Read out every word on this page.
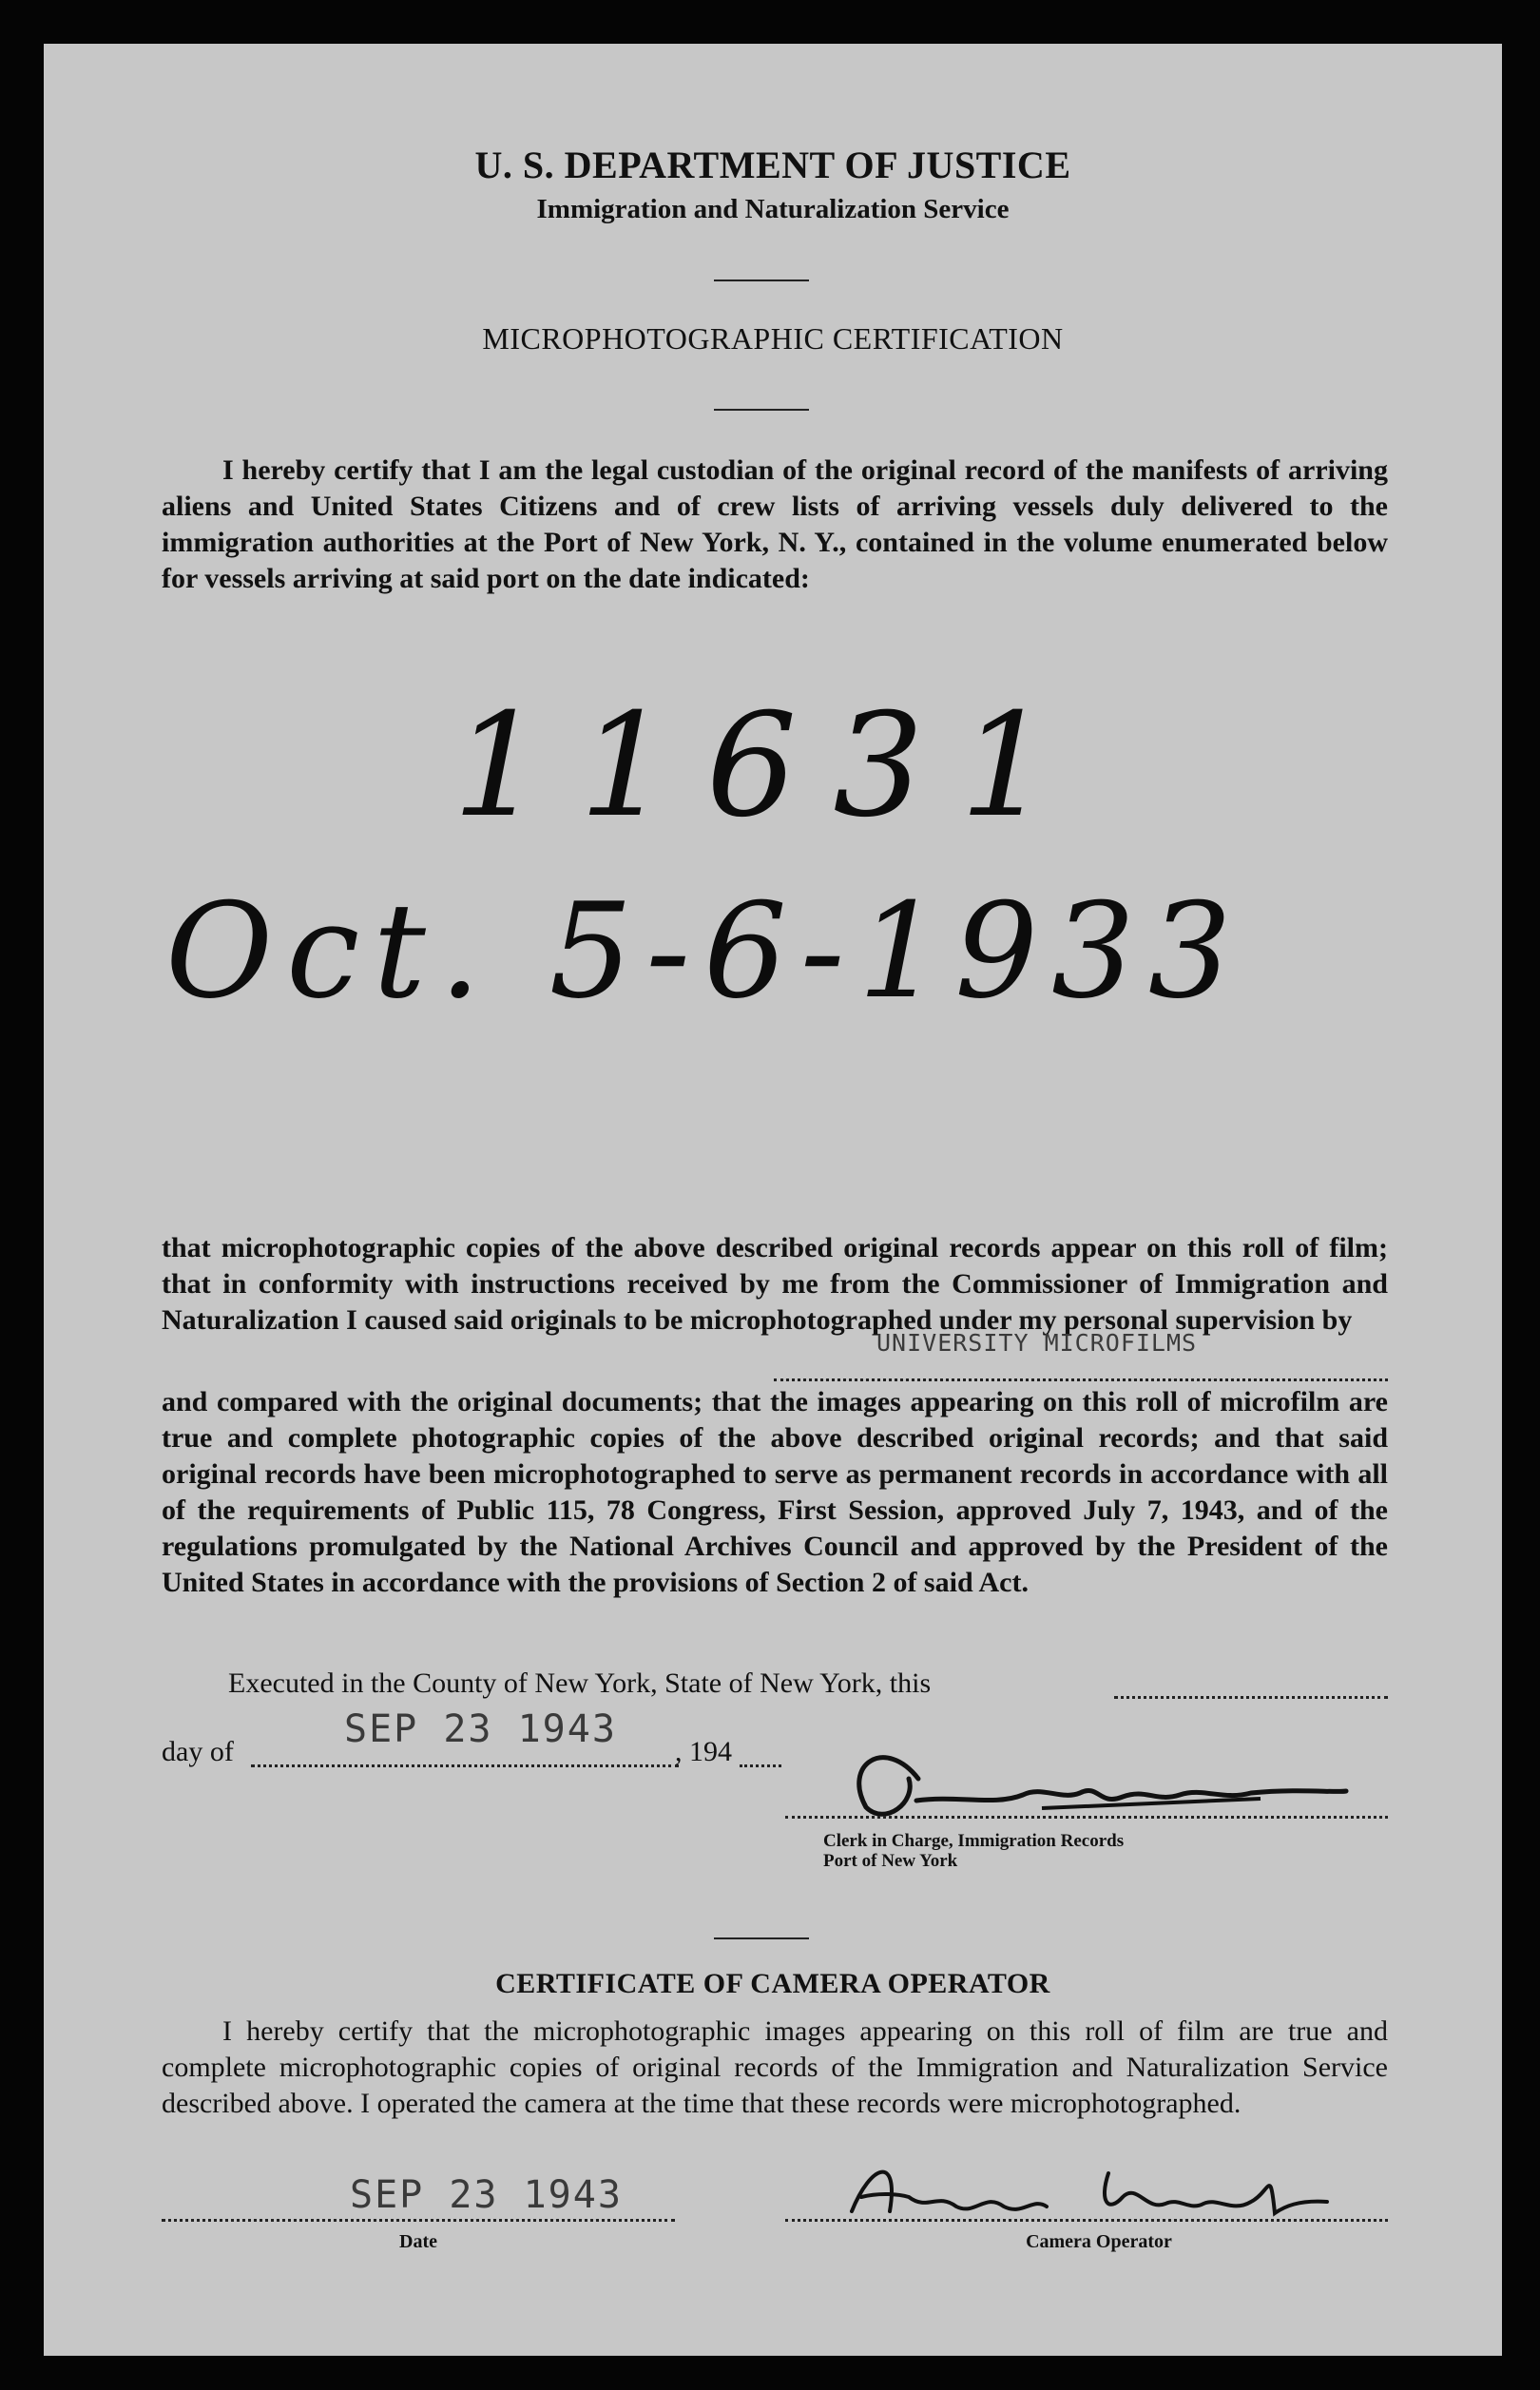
U. S. DEPARTMENT OF JUSTICE
Immigration and Naturalization Service
MICROPHOTOGRAPHIC CERTIFICATION
I hereby certify that I am the legal custodian of the original record of the manifests of arriving aliens and United States Citizens and of crew lists of arriving vessels duly delivered to the immigration authorities at the Port of New York, N. Y., contained in the volume enumerated below for vessels arriving at said port on the date indicated:
11631
Oct. 5-6-1933
that microphotographic copies of the above described original records appear on this roll of film; that in conformity with instructions received by me from the Commissioner of Immigration and Naturalization I caused said originals to be microphotographed under my personal supervision by
UNIVERSITY MICROFILMS
and compared with the original documents; that the images appearing on this roll of microfilm are true and complete photographic copies of the above described original records; and that said original records have been microphotographed to serve as permanent records in accordance with all of the requirements of Public 115, 78 Congress, First Session, approved July 7, 1943, and of the regulations promulgated by the National Archives Council and approved by the President of the United States in accordance with the provisions of Section 2 of said Act.
Executed in the County of New York, State of New York, this
day of
SEP 23 1943
, 194
Clerk in Charge, Immigration Records
Port of New York
CERTIFICATE OF CAMERA OPERATOR
I hereby certify that the microphotographic images appearing on this roll of film are true and complete microphotographic copies of original records of the Immigration and Naturalization Service described above. I operated the camera at the time that these records were microphotographed.
SEP 23 1943
Date	Camera Operator
